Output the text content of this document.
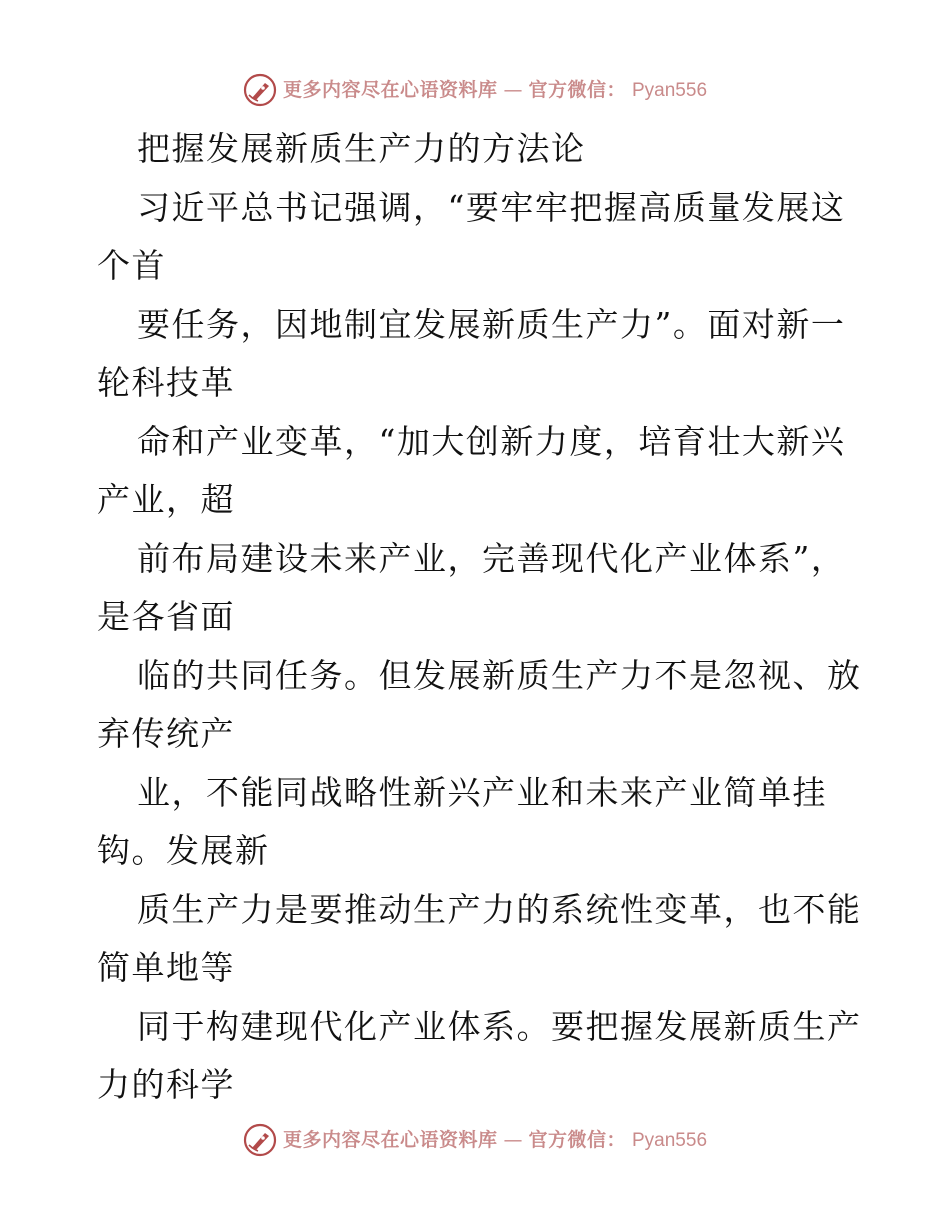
更多内容尽在心语资料库 — 官方微信： Pyan556
把握发展新质生产力的方法论
习近平总书记强调，“要牢牢把握高质量发展这
个首
要任务，因地制宜发展新质生产力”。面对新一
轮科技革
命和产业变革，“加大创新力度，培育壮大新兴
产业，超
前布局建设未来产业，完善现代化产业体系”，
是各省面
临的共同任务。但发展新质生产力不是忽视、放
弃传统产
业，不能同战略性新兴产业和未来产业简单挂
钩。发展新
质生产力是要推动生产力的系统性变革，也不能
简单地等
同于构建现代化产业体系。要把握发展新质生产
力的科学
更多内容尽在心语资料库 — 官方微信： Pyan556
